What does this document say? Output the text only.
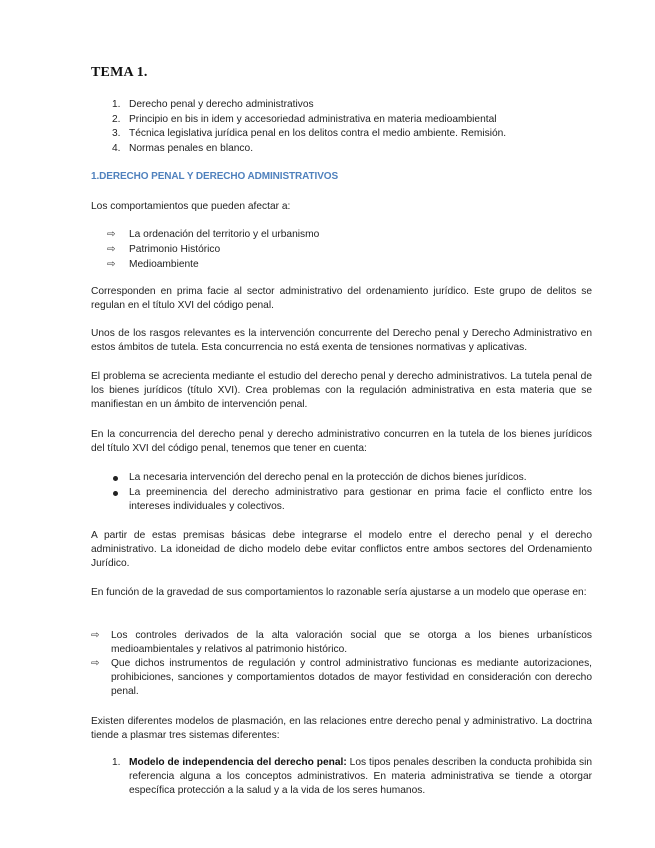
TEMA 1.
1. Derecho penal y derecho administrativos
2. Principio en bis in idem y accesoriedad administrativa en materia medioambiental
3. Técnica legislativa jurídica penal en los delitos contra el medio ambiente. Remisión.
4. Normas penales en blanco.
1.DERECHO PENAL Y DERECHO ADMINISTRATIVOS
Los comportamientos que pueden afectar a:
⇨ La ordenación del territorio y el urbanismo
⇨ Patrimonio Histórico
⇨ Medioambiente
Corresponden en prima facie al sector administrativo del ordenamiento jurídico. Este grupo de delitos se regulan en el título XVI del código penal.
Unos de los rasgos relevantes es la intervención concurrente del Derecho penal y Derecho Administrativo en estos ámbitos de tutela. Esta concurrencia no está exenta de tensiones normativas y aplicativas.
El problema se acrecienta mediante el estudio del derecho penal y derecho administrativos. La tutela penal de los bienes jurídicos (título XVI). Crea problemas con la regulación administrativa en esta materia que se manifiestan en un ámbito de intervención penal.
En la concurrencia del derecho penal y derecho administrativo concurren en la tutela de los bienes jurídicos del título XVI del código penal, tenemos que tener en cuenta:
La necesaria intervención del derecho penal en la protección de dichos bienes jurídicos.
La preeminencia del derecho administrativo para gestionar en prima facie el conflicto entre los intereses individuales y colectivos.
A partir de estas premisas básicas debe integrarse el modelo entre el derecho penal y el derecho administrativo. La idoneidad de dicho modelo debe evitar conflictos entre ambos sectores del Ordenamiento Jurídico.
En función de la gravedad de sus comportamientos lo razonable sería ajustarse a un modelo que operase en:
⇨ Los controles derivados de la alta valoración social que se otorga a los bienes urbanísticos medioambientales y relativos al patrimonio histórico.
⇨ Que dichos instrumentos de regulación y control administrativo funcionas es mediante autorizaciones, prohibiciones, sanciones y comportamientos dotados de mayor festividad en consideración con derecho penal.
Existen diferentes modelos de plasmación, en las relaciones entre derecho penal y administrativo. La doctrina tiende a plasmar tres sistemas diferentes:
1. Modelo de independencia del derecho penal: Los tipos penales describen la conducta prohibida sin referencia alguna a los conceptos administrativos. En materia administrativa se tiende a otorgar específica protección a la salud y a la vida de los seres humanos.
